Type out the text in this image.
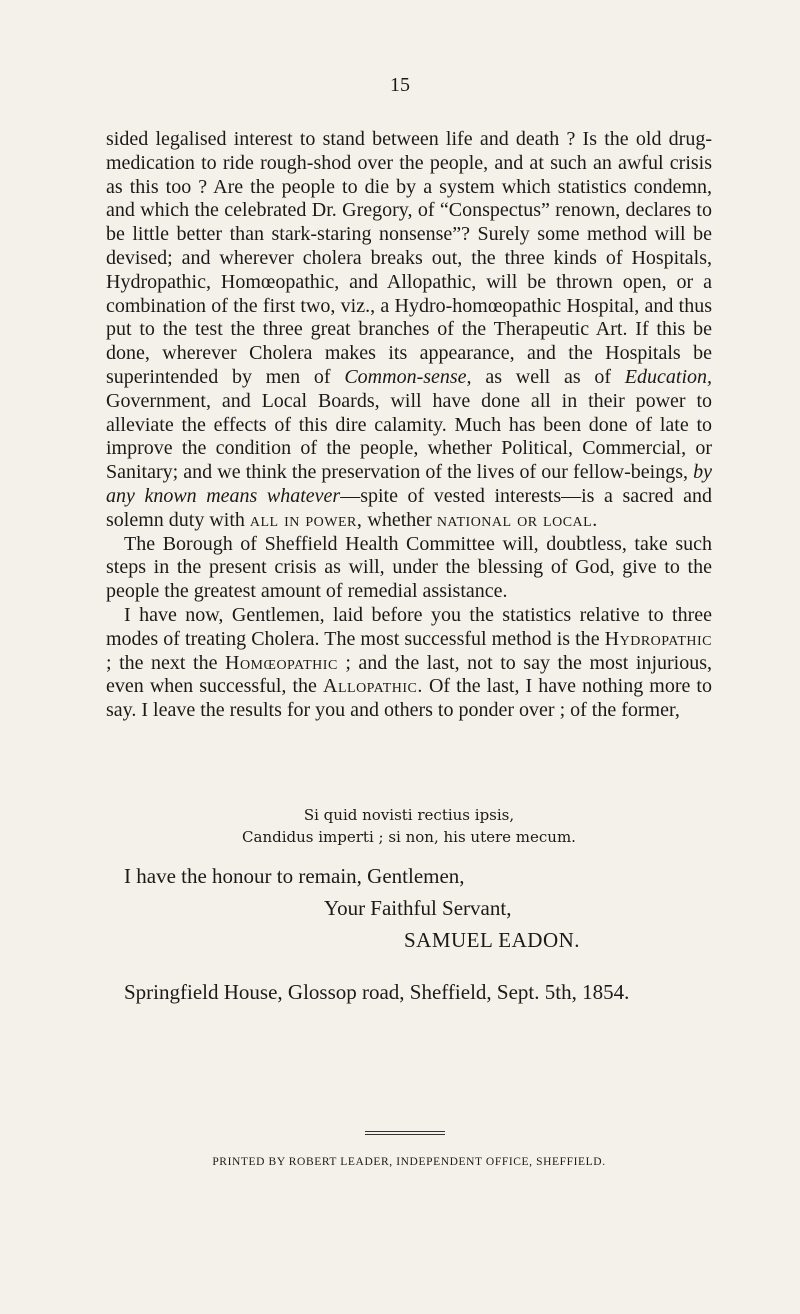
15

sided legalised interest to stand between life and death ? Is the old drug-medication to ride rough-shod over the people, and at such an awful crisis as this too ? Are the people to die by a system which statistics condemn, and which the celebrated Dr. Gregory, of “Conspectus” renown, declares to be little better than stark-staring nonsense”? Surely some method will be devised; and wherever cholera breaks out, the three kinds of Hospitals, Hydropathic, Homœopathic, and Allopathic, will be thrown open, or a combination of the first two, viz., a Hydro-homœopathic Hospital, and thus put to the test the three great branches of the Therapeutic Art. If this be done, wherever Cholera makes its appearance, and the Hospitals be superintended by men of Common-sense, as well as of Education, Government, and Local Boards, will have done all in their power to alleviate the effects of this dire calamity. Much has been done of late to improve the condition of the people, whether Political, Commercial, or Sanitary; and we think the preservation of the lives of our fellow-beings, by any known means whatever—spite of vested interests—is a sacred and solemn duty with all in power, whether national or local.

The Borough of Sheffield Health Committee will, doubtless, take such steps in the present crisis as will, under the blessing of God, give to the people the greatest amount of remedial assistance.

I have now, Gentlemen, laid before you the statistics relative to three modes of treating Cholera. The most successful method is the Hydropathic ; the next the Homœopathic ; and the last, not to say the most injurious, even when successful, the Allopathic. Of the last, I have nothing more to say. I leave the results for you and others to ponder over ; of the former,

Si quid novisti rectius ipsis,
Candidus imperti ; si non, his utere mecum.
I have the honour to remain, Gentlemen,
Your Faithful Servant,
SAMUEL EADON.
Springfield House, Glossop road, Sheffield, Sept. 5th, 1854.
PRINTED BY ROBERT LEADER, INDEPENDENT OFFICE, SHEFFIELD.
